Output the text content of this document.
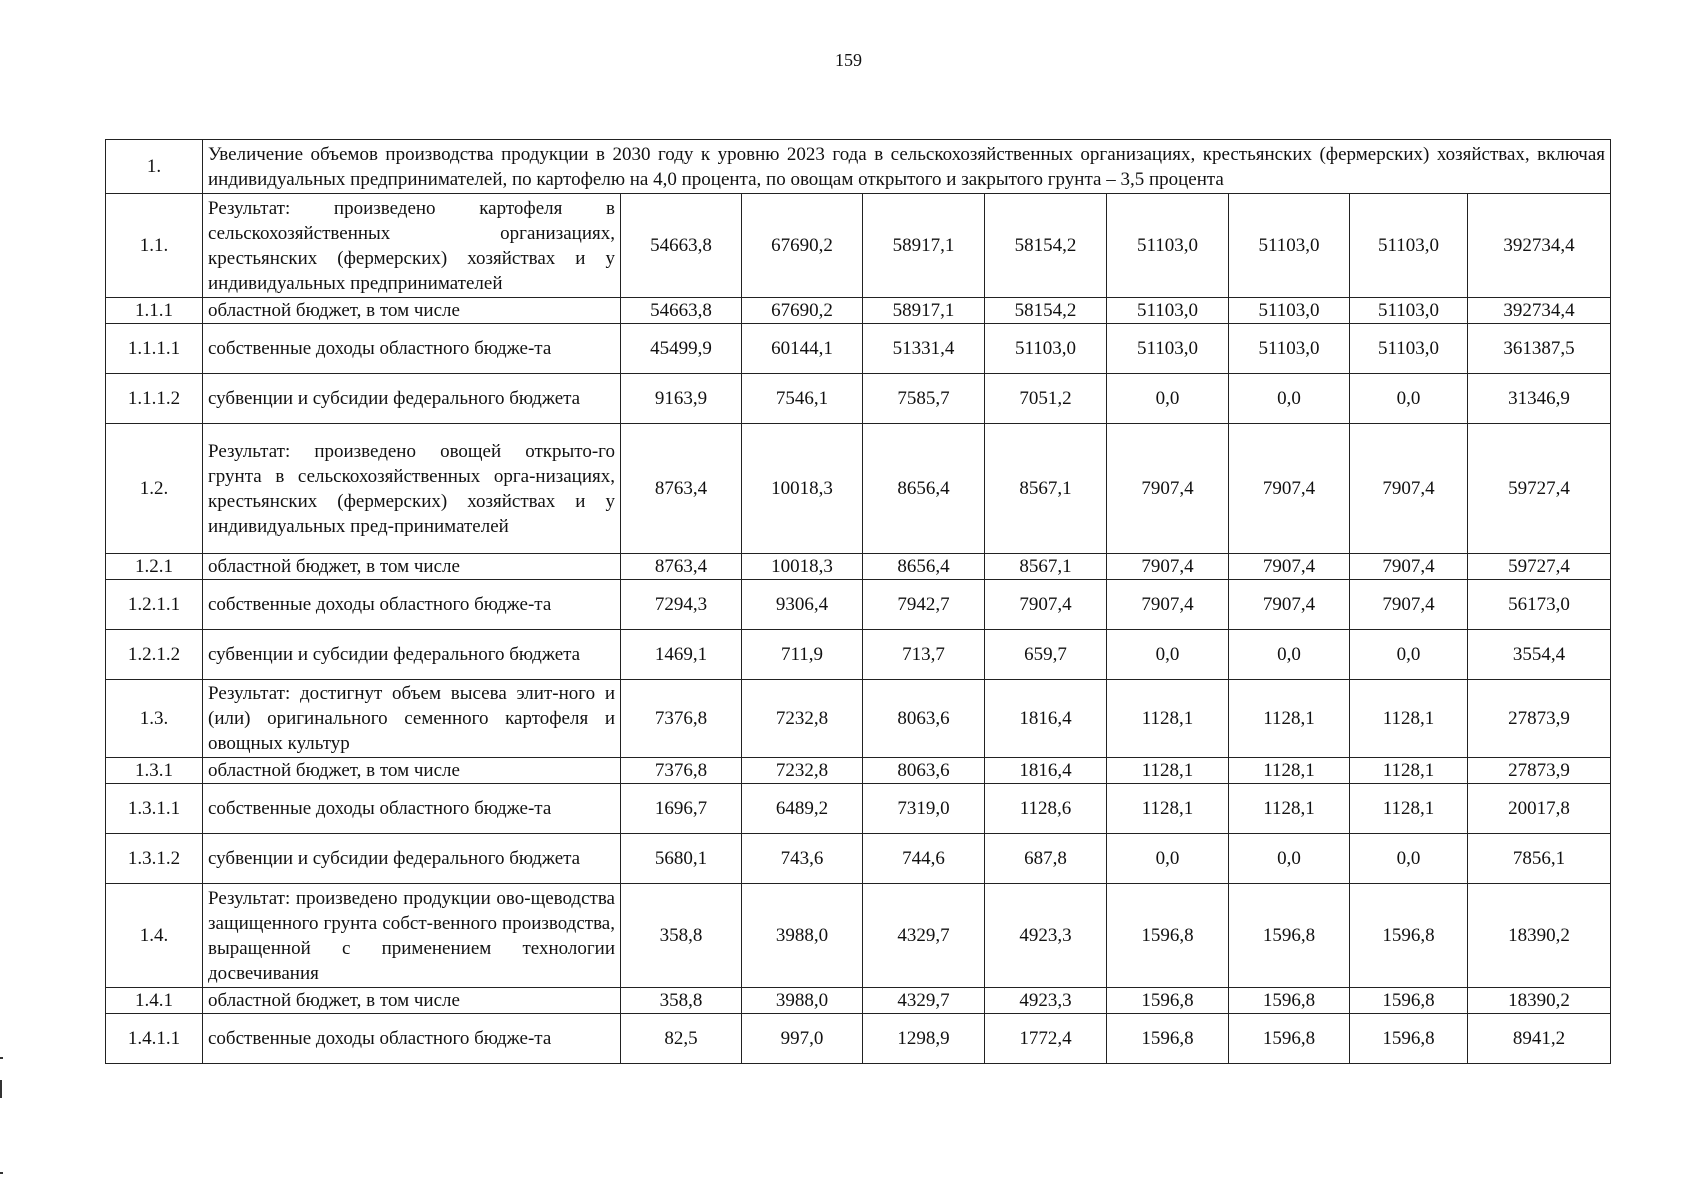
159
1.	Увеличение объемов производства продукции в 2030 году к уровню 2023 года в сельскохозяйственных организациях, крестьянских (фермерских) хозяйствах, включая индивидуальных предпринимателей, по картофелю на 4,0 процента, по овощам открытого и закрытого грунта – 3,5 процента								
1.1.	Результат: произведено картофеля в сельскохозяйственных организациях, крестьянских (фермерских) хозяйствах и у индивидуальных предпринимателей	54663,8	67690,2	58917,1	58154,2	51103,0	51103,0	51103,0	392734,4
1.1.1	областной бюджет, в том числе	54663,8	67690,2	58917,1	58154,2	51103,0	51103,0	51103,0	392734,4
1.1.1.1	собственные доходы областного бюдже-та	45499,9	60144,1	51331,4	51103,0	51103,0	51103,0	51103,0	361387,5
1.1.1.2	субвенции и субсидии федерального бюджета	9163,9	7546,1	7585,7	7051,2	0,0	0,0	0,0	31346,9
1.2.	Результат: произведено овощей открыто-го грунта в сельскохозяйственных орга-низациях, крестьянских (фермерских) хозяйствах и у индивидуальных пред-принимателей	8763,4	10018,3	8656,4	8567,1	7907,4	7907,4	7907,4	59727,4
1.2.1	областной бюджет, в том числе	8763,4	10018,3	8656,4	8567,1	7907,4	7907,4	7907,4	59727,4
1.2.1.1	собственные доходы областного бюдже-та	7294,3	9306,4	7942,7	7907,4	7907,4	7907,4	7907,4	56173,0
1.2.1.2	субвенции и субсидии федерального бюджета	1469,1	711,9	713,7	659,7	0,0	0,0	0,0	3554,4
1.3.	Результат: достигнут объем высева элит-ного и (или) оригинального семенного картофеля и овощных культур	7376,8	7232,8	8063,6	1816,4	1128,1	1128,1	1128,1	27873,9
1.3.1	областной бюджет, в том числе	7376,8	7232,8	8063,6	1816,4	1128,1	1128,1	1128,1	27873,9
1.3.1.1	собственные доходы областного бюдже-та	1696,7	6489,2	7319,0	1128,6	1128,1	1128,1	1128,1	20017,8
1.3.1.2	субвенции и субсидии федерального бюджета	5680,1	743,6	744,6	687,8	0,0	0,0	0,0	7856,1
1.4.	Результат: произведено продукции ово-щеводства защищенного грунта собст-венного производства, выращенной с применением технологии досвечивания	358,8	3988,0	4329,7	4923,3	1596,8	1596,8	1596,8	18390,2
1.4.1	областной бюджет, в том числе	358,8	3988,0	4329,7	4923,3	1596,8	1596,8	1596,8	18390,2
1.4.1.1	собственные доходы областного бюдже-та	82,5	997,0	1298,9	1772,4	1596,8	1596,8	1596,8	8941,2
